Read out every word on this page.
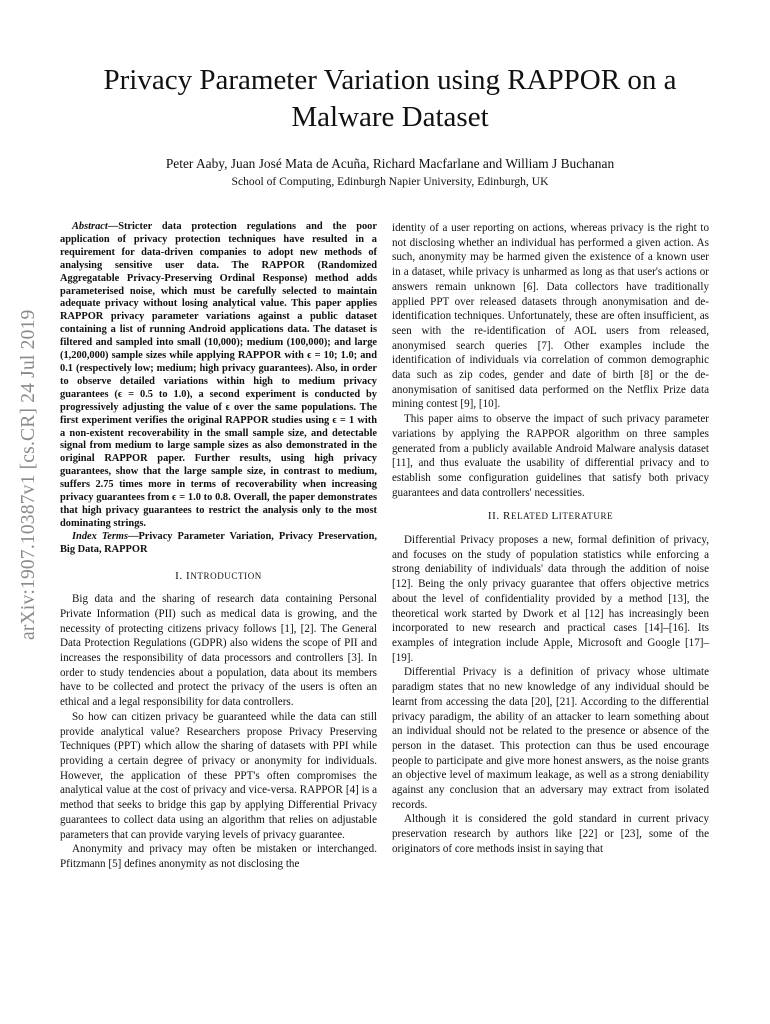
arXiv:1907.10387v1 [cs.CR] 24 Jul 2019
Privacy Parameter Variation using RAPPOR on a Malware Dataset
Peter Aaby, Juan José Mata de Acuña, Richard Macfarlane and William J Buchanan
School of Computing, Edinburgh Napier University, Edinburgh, UK

Abstract—Stricter data protection regulations and the poor application of privacy protection techniques have resulted in a requirement for data-driven companies to adopt new methods of analysing sensitive user data. The RAPPOR (Randomized Aggregatable Privacy-Preserving Ordinal Response) method adds parameterised noise, which must be carefully selected to maintain adequate privacy without losing analytical value. This paper applies RAPPOR privacy parameter variations against a public dataset containing a list of running Android applications data. The dataset is filtered and sampled into small (10,000); medium (100,000); and large (1,200,000) sample sizes while applying RAPPOR with ϵ = 10; 1.0; and 0.1 (respectively low; medium; high privacy guarantees). Also, in order to observe detailed variations within high to medium privacy guarantees (ϵ = 0.5 to 1.0), a second experiment is conducted by progressively adjusting the value of ϵ over the same populations. The first experiment verifies the original RAPPOR studies using ϵ = 1 with a non-existent recoverability in the small sample size, and detectable signal from medium to large sample sizes as also demonstrated in the original RAPPOR paper. Further results, using high privacy guarantees, show that the large sample size, in contrast to medium, suffers 2.75 times more in terms of recoverability when increasing privacy guarantees from ϵ = 1.0 to 0.8. Overall, the paper demonstrates that high privacy guarantees to restrict the analysis only to the most dominating strings.

Index Terms—Privacy Parameter Variation, Privacy Preservation, Big Data, RAPPOR

I. INTRODUCTION

Big data and the sharing of research data containing Personal Private Information (PII) such as medical data is growing, and the necessity of protecting citizens privacy follows [1], [2]. The General Data Protection Regulations (GDPR) also widens the scope of PII and increases the responsibility of data processors and controllers [3]. In order to study tendencies about a population, data about its members have to be collected and protect the privacy of the users is often an ethical and a legal responsibility for data controllers.

So how can citizen privacy be guaranteed while the data can still provide analytical value? Researchers propose Privacy Preserving Techniques (PPT) which allow the sharing of datasets with PPI while providing a certain degree of privacy or anonymity for individuals. However, the application of these PPT's often compromises the analytical value at the cost of privacy and vice-versa. RAPPOR [4] is a method that seeks to bridge this gap by applying Differential Privacy guarantees to collect data using an algorithm that relies on adjustable parameters that can provide varying levels of privacy guarantee.

Anonymity and privacy may often be mistaken or interchanged. Pfitzmann [5] defines anonymity as not disclosing the

identity of a user reporting on actions, whereas privacy is the right to not disclosing whether an individual has performed a given action. As such, anonymity may be harmed given the existence of a known user in a dataset, while privacy is unharmed as long as that user's actions or answers remain unknown [6]. Data collectors have traditionally applied PPT over released datasets through anonymisation and de-identification techniques. Unfortunately, these are often insufficient, as seen with the re-identification of AOL users from released, anonymised search queries [7]. Other examples include the identification of individuals via correlation of common demographic data such as zip codes, gender and date of birth [8] or the de-anonymisation of sanitised data performed on the Netflix Prize data mining contest [9], [10].

This paper aims to observe the impact of such privacy parameter variations by applying the RAPPOR algorithm on three samples generated from a publicly available Android Malware analysis dataset [11], and thus evaluate the usability of differential privacy and to establish some configuration guidelines that satisfy both privacy guarantees and data controllers' necessities.

II. RELATED LITERATURE

Differential Privacy proposes a new, formal definition of privacy, and focuses on the study of population statistics while enforcing a strong deniability of individuals' data through the addition of noise [12]. Being the only privacy guarantee that offers objective metrics about the level of confidentiality provided by a method [13], the theoretical work started by Dwork et al [12] has increasingly been incorporated to new research and practical cases [14]–[16]. Its examples of integration include Apple, Microsoft and Google [17]–[19].

Differential Privacy is a definition of privacy whose ultimate paradigm states that no new knowledge of any individual should be learnt from accessing the data [20], [21]. According to the differential privacy paradigm, the ability of an attacker to learn something about an individual should not be related to the presence or absence of the person in the dataset. This protection can thus be used encourage people to participate and give more honest answers, as the noise grants an objective level of maximum leakage, as well as a strong deniability against any conclusion that an adversary may extract from isolated records.

Although it is considered the gold standard in current privacy preservation research by authors like [22] or [23], some of the originators of core methods insist in saying that
